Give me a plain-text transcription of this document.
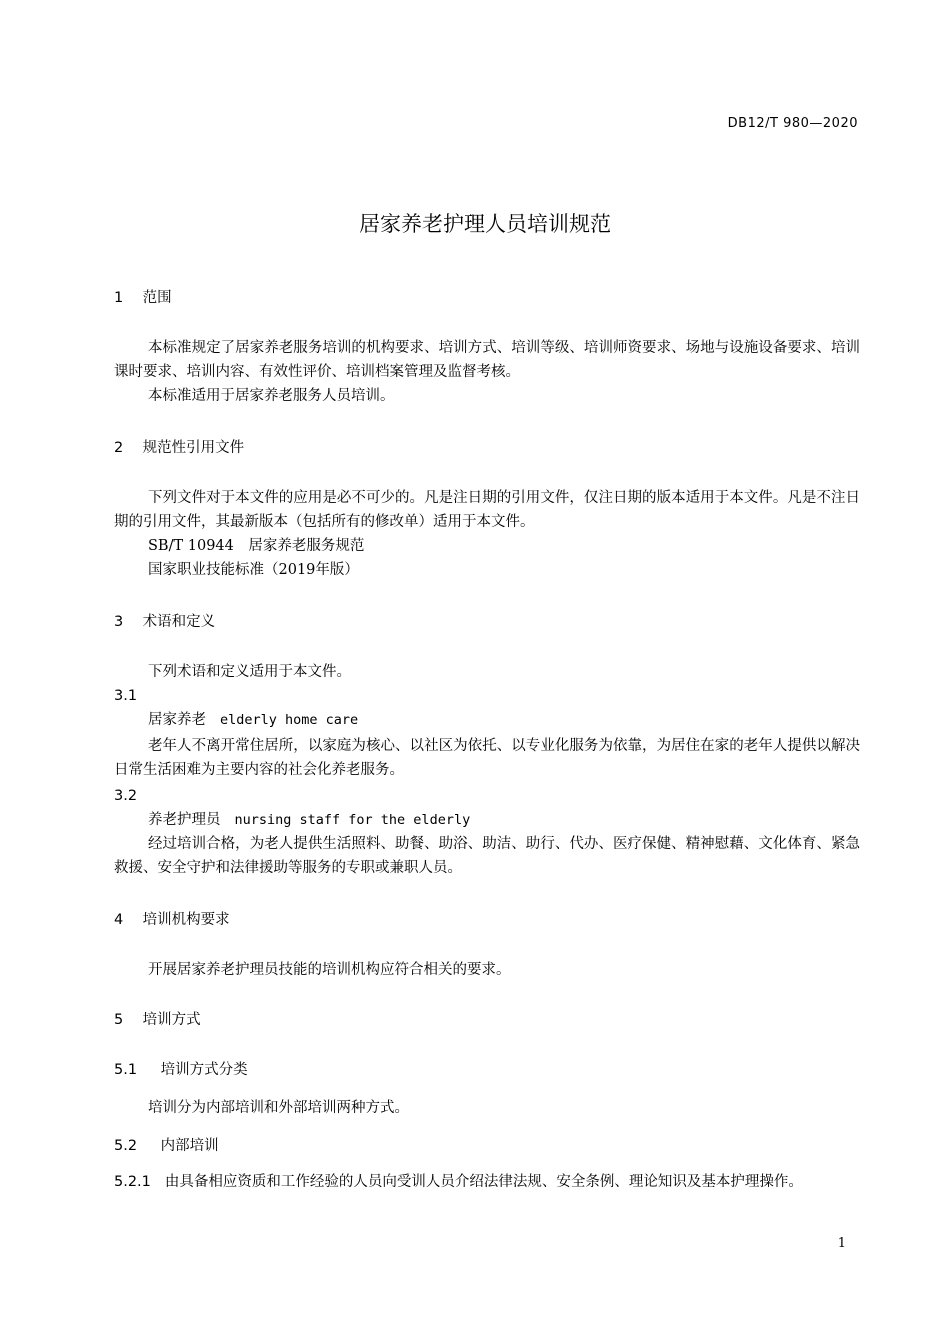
DB12/T 980—2020
居家养老护理人员培训规范
1 范围
本标准规定了居家养老服务培训的机构要求、培训方式、培训等级、培训师资要求、场地与设施设备要求、培训课时要求、培训内容、有效性评价、培训档案管理及监督考核。
本标准适用于居家养老服务人员培训。
2 规范性引用文件
下列文件对于本文件的应用是必不可少的。凡是注日期的引用文件，仅注日期的版本适用于本文件。凡是不注日期的引用文件，其最新版本（包括所有的修改单）适用于本文件。
SB/T 10944　居家养老服务规范
国家职业技能标准（2019年版）
3 术语和定义
下列术语和定义适用于本文件。
3.1
居家养老 elderly home care
老年人不离开常住居所，以家庭为核心、以社区为依托、以专业化服务为依靠，为居住在家的老年人提供以解决日常生活困难为主要内容的社会化养老服务。
3.2
养老护理员 nursing staff for the elderly
经过培训合格，为老人提供生活照料、助餐、助浴、助洁、助行、代办、医疗保健、精神慰藉、文化体育、紧急救援、安全守护和法律援助等服务的专职或兼职人员。
4 培训机构要求
开展居家养老护理员技能的培训机构应符合相关的要求。
5 培训方式
5.1 培训方式分类
培训分为内部培训和外部培训两种方式。
5.2 内部培训
5.2.1 由具备相应资质和工作经验的人员向受训人员介绍法律法规、安全条例、理论知识及基本护理操作。
1
